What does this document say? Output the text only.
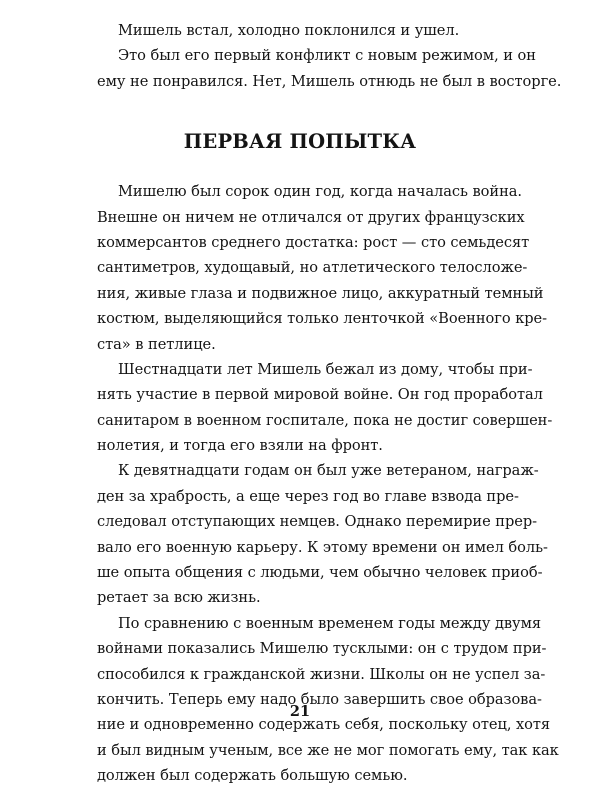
Мишель встал, холодно поклонился и ушел.
Это был его первый конфликт с новым режимом, и он
ему не понравился. Нет, Мишель отнюдь не был в восторге.
ПЕРВАЯ ПОПЫТКА
Мишелю был сорок один год, когда началась война.
Внешне он ничем не отличался от других французских
коммерсантов среднего достатка: рост — сто семьдесят
сантиметров, худощавый, но атлетического телосложе-
ния, живые глаза и подвижное лицо, аккуратный темный
костюм, выделяющийся только ленточкой «Военного кре-
ста» в петлице.
Шестнадцати лет Мишель бежал из дому, чтобы при-
нять участие в первой мировой войне. Он год проработал
санитаром в военном госпитале, пока не достиг совершен-
нолетия, и тогда его взяли на фронт.
К девятнадцати годам он был уже ветераном, награж-
ден за храбрость, а еще через год во главе взвода пре-
следовал отступающих немцев. Однако перемирие прер-
вало его военную карьеру. К этому времени он имел боль-
ше опыта общения с людьми, чем обычно человек приоб-
ретает за всю жизнь.
По сравнению с военным временем годы между двумя
войнами показались Мишелю тусклыми: он с трудом при-
способился к гражданской жизни. Школы он не успел за-
кончить. Теперь ему надо было завершить свое образова-
ние и одновременно содержать себя, поскольку отец, хотя
и был видным ученым, все же не мог помогать ему, так как
должен был содержать большую семью.
21
